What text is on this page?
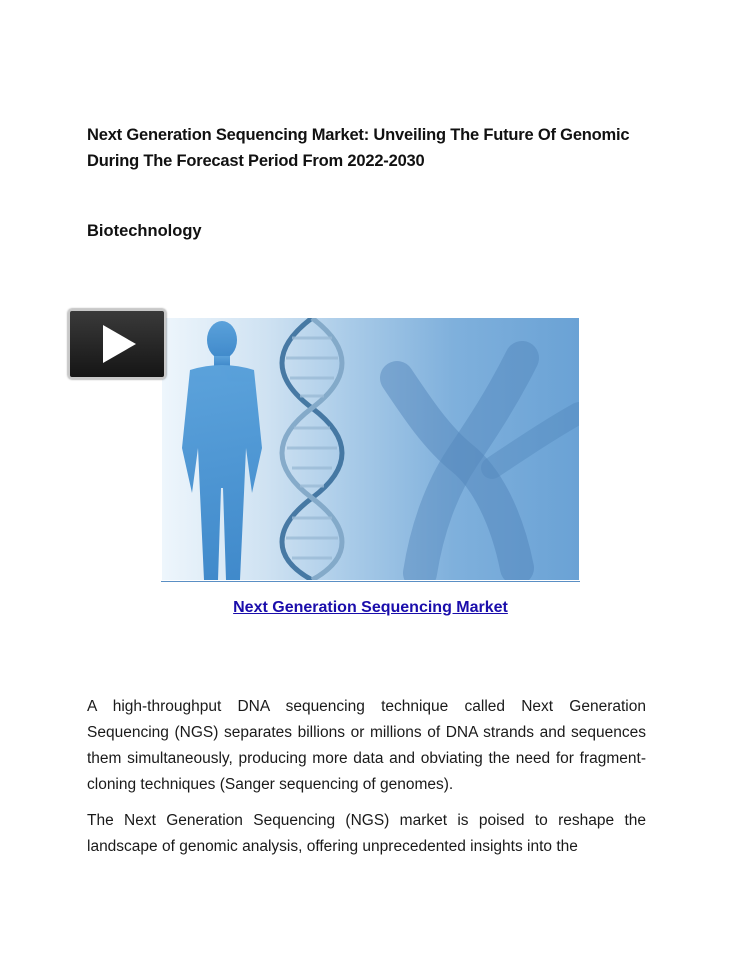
Next Generation Sequencing Market: Unveiling The Future Of Genomic During The Forecast Period From 2022-2030
Biotechnology
Next Generation Sequencing Market
A high-throughput DNA sequencing technique called Next Generation Sequencing (NGS) separates billions or millions of DNA strands and sequences them simultaneously, producing more data and obviating the need for fragment-cloning techniques (Sanger sequencing of genomes).
The Next Generation Sequencing (NGS) market is poised to reshape the landscape of genomic analysis, offering unprecedented insights into the
